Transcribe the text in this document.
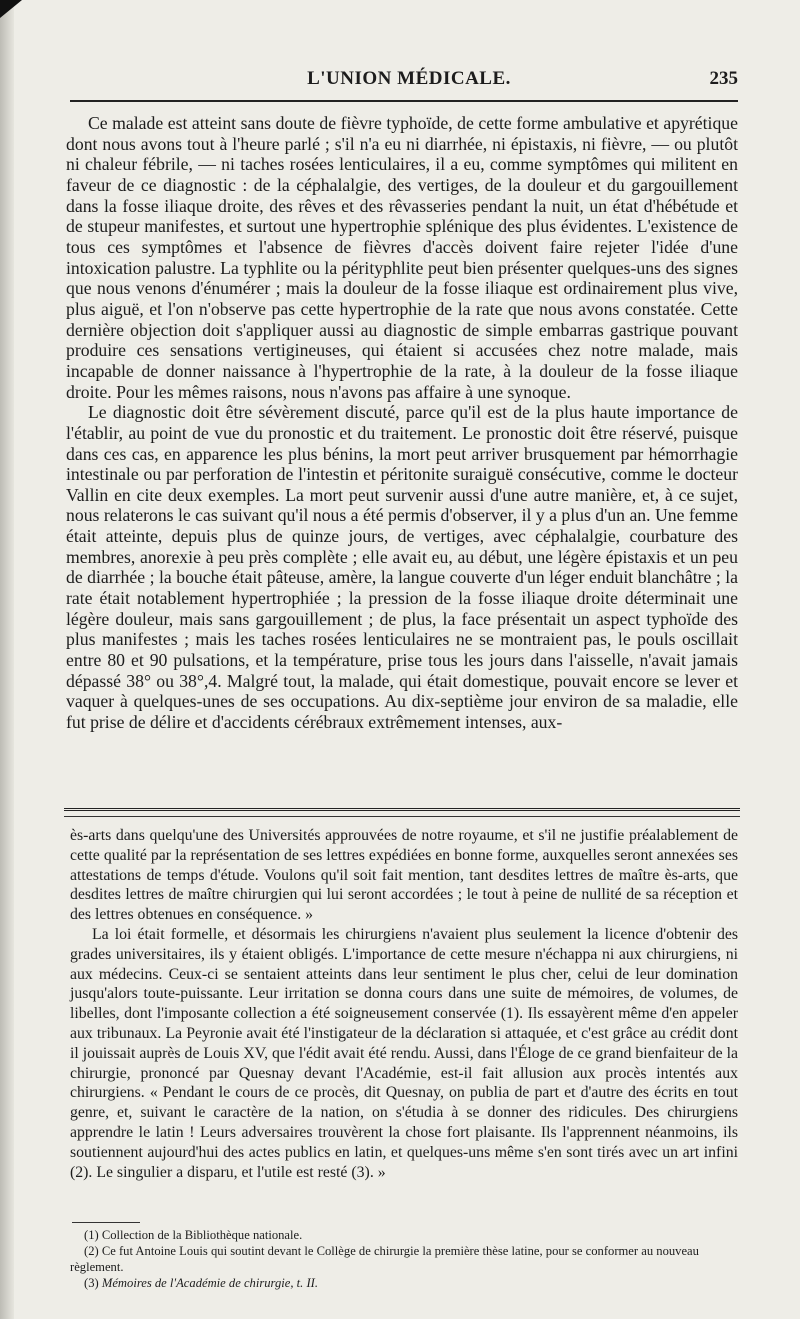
L'UNION MÉDICALE.	235

Ce malade est atteint sans doute de fièvre typhoïde, de cette forme ambulative et apyrétique dont nous avons tout à l'heure parlé ; s'il n'a eu ni diarrhée, ni épistaxis, ni fièvre, — ou plutôt ni chaleur fébrile, — ni taches rosées lenticulaires, il a eu, comme symptômes qui militent en faveur de ce diagnostic : de la céphalalgie, des vertiges, de la douleur et du gargouillement dans la fosse iliaque droite, des rêves et des rêvasseries pendant la nuit, un état d'hébétude et de stupeur manifestes, et surtout une hypertrophie splénique des plus évidentes. L'existence de tous ces symptômes et l'absence de fièvres d'accès doivent faire rejeter l'idée d'une intoxication palustre. La typhlite ou la pérityphlite peut bien présenter quelques-uns des signes que nous venons d'énumérer ; mais la douleur de la fosse iliaque est ordinairement plus vive, plus aiguë, et l'on n'observe pas cette hypertrophie de la rate que nous avons constatée. Cette dernière objection doit s'appliquer aussi au diagnostic de simple embarras gastrique pouvant produire ces sensations vertigineuses, qui étaient si accusées chez notre malade, mais incapable de donner naissance à l'hypertrophie de la rate, à la douleur de la fosse iliaque droite. Pour les mêmes raisons, nous n'avons pas affaire à une synoque.

Le diagnostic doit être sévèrement discuté, parce qu'il est de la plus haute importance de l'établir, au point de vue du pronostic et du traitement. Le pronostic doit être réservé, puisque dans ces cas, en apparence les plus bénins, la mort peut arriver brusquement par hémorrhagie intestinale ou par perforation de l'intestin et péritonite suraiguë consécutive, comme le docteur Vallin en cite deux exemples. La mort peut survenir aussi d'une autre manière, et, à ce sujet, nous relaterons le cas suivant qu'il nous a été permis d'observer, il y a plus d'un an. Une femme était atteinte, depuis plus de quinze jours, de vertiges, avec céphalalgie, courbature des membres, anorexie à peu près complète ; elle avait eu, au début, une légère épistaxis et un peu de diarrhée ; la bouche était pâteuse, amère, la langue couverte d'un léger enduit blanchâtre ; la rate était notablement hypertrophiée ; la pression de la fosse iliaque droite déterminait une légère douleur, mais sans gargouillement ; de plus, la face présentait un aspect typhoïde des plus manifestes ; mais les taches rosées lenticulaires ne se montraient pas, le pouls oscillait entre 80 et 90 pulsations, et la température, prise tous les jours dans l'aisselle, n'avait jamais dépassé 38° ou 38°,4. Malgré tout, la malade, qui était domestique, pouvait encore se lever et vaquer à quelques-unes de ses occupations. Au dix-septième jour environ de sa maladie, elle fut prise de délire et d'accidents cérébraux extrêmement intenses, aux-

ès-arts dans quelqu'une des Universités approuvées de notre royaume, et s'il ne justifie préalablement de cette qualité par la représentation de ses lettres expédiées en bonne forme, auxquelles seront annexées ses attestations de temps d'étude. Voulons qu'il soit fait mention, tant desdites lettres de maître ès-arts, que desdites lettres de maître chirurgien qui lui seront accordées ; le tout à peine de nullité de sa réception et des lettres obtenues en conséquence. »

La loi était formelle, et désormais les chirurgiens n'avaient plus seulement la licence d'obtenir des grades universitaires, ils y étaient obligés. L'importance de cette mesure n'échappa ni aux chirurgiens, ni aux médecins. Ceux-ci se sentaient atteints dans leur sentiment le plus cher, celui de leur domination jusqu'alors toute-puissante. Leur irritation se donna cours dans une suite de mémoires, de volumes, de libelles, dont l'imposante collection a été soigneusement conservée (1). Ils essayèrent même d'en appeler aux tribunaux. La Peyronie avait été l'instigateur de la déclaration si attaquée, et c'est grâce au crédit dont il jouissait auprès de Louis XV, que l'édit avait été rendu. Aussi, dans l'Éloge de ce grand bienfaiteur de la chirurgie, prononcé par Quesnay devant l'Académie, est-il fait allusion aux procès intentés aux chirurgiens. « Pendant le cours de ce procès, dit Quesnay, on publia de part et d'autre des écrits en tout genre, et, suivant le caractère de la nation, on s'étudia à se donner des ridicules. Des chirurgiens apprendre le latin ! Leurs adversaires trouvèrent la chose fort plaisante. Ils l'apprennent néanmoins, ils soutiennent aujourd'hui des actes publics en latin, et quelques-uns même s'en sont tirés avec un art infini (2). Le singulier a disparu, et l'utile est resté (3). »

(1) Collection de la Bibliothèque nationale.
(2) Ce fut Antoine Louis qui soutint devant le Collège de chirurgie la première thèse latine, pour se conformer au nouveau règlement.
(3) Mémoires de l'Académie de chirurgie, t. II.
